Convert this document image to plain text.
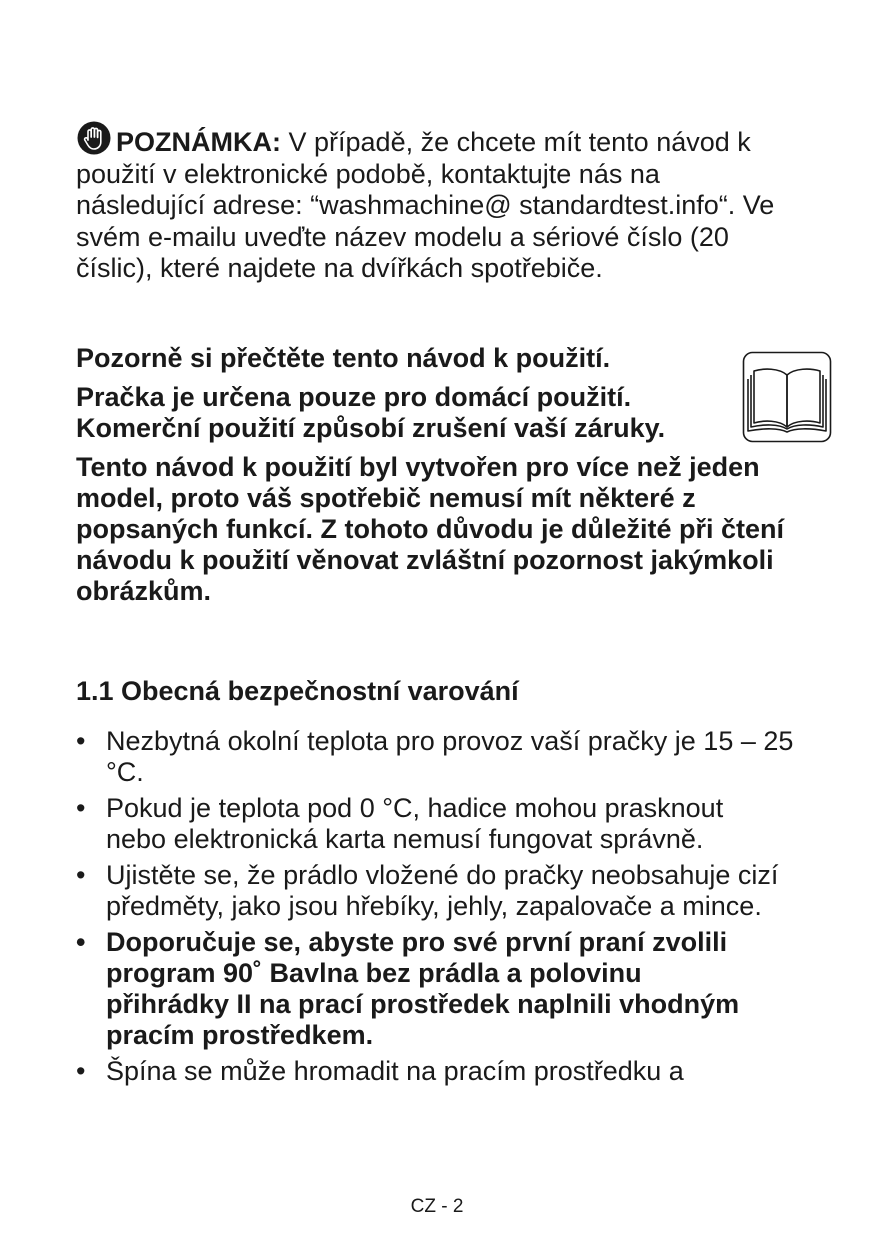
POZNÁMKA: V případě, že chcete mít tento návod k použití v elektronické podobě, kontaktujte nás na následující adrese: “washmachine@ standardtest.info“. Ve svém e-mailu uveďte název modelu a sériové číslo (20 číslic), které najdete na dvířkách spotřebiče.

Pozorně si přečtěte tento návod k použití.

Pračka je určena pouze pro domácí použití. Komerční použití způsobí zrušení vaší záruky.

Tento návod k použití byl vytvořen pro více než jeden model, proto váš spotřebič nemusí mít některé z popsaných funkcí. Z tohoto důvodu je důležité při čtení návodu k použití věnovat zvláštní pozornost jakýmkoli obrázkům.

1.1 Obecná bezpečnostní varování
• Nezbytná okolní teplota pro provoz vaší pračky je 15 – 25 °C.
• Pokud je teplota pod 0 °C, hadice mohou prasknout nebo elektronická karta nemusí fungovat správně.
• Ujistěte se, že prádlo vložené do pračky neobsahuje cizí předměty, jako jsou hřebíky, jehly, zapalovače a mince.
• Doporučuje se, abyste pro své první praní zvolili program 90˚ Bavlna bez prádla a polovinu přihrádky II na prací prostředek naplnili vhodným pracím prostředkem.
• Špína se může hromadit na pracím prostředku a
CZ - 2
